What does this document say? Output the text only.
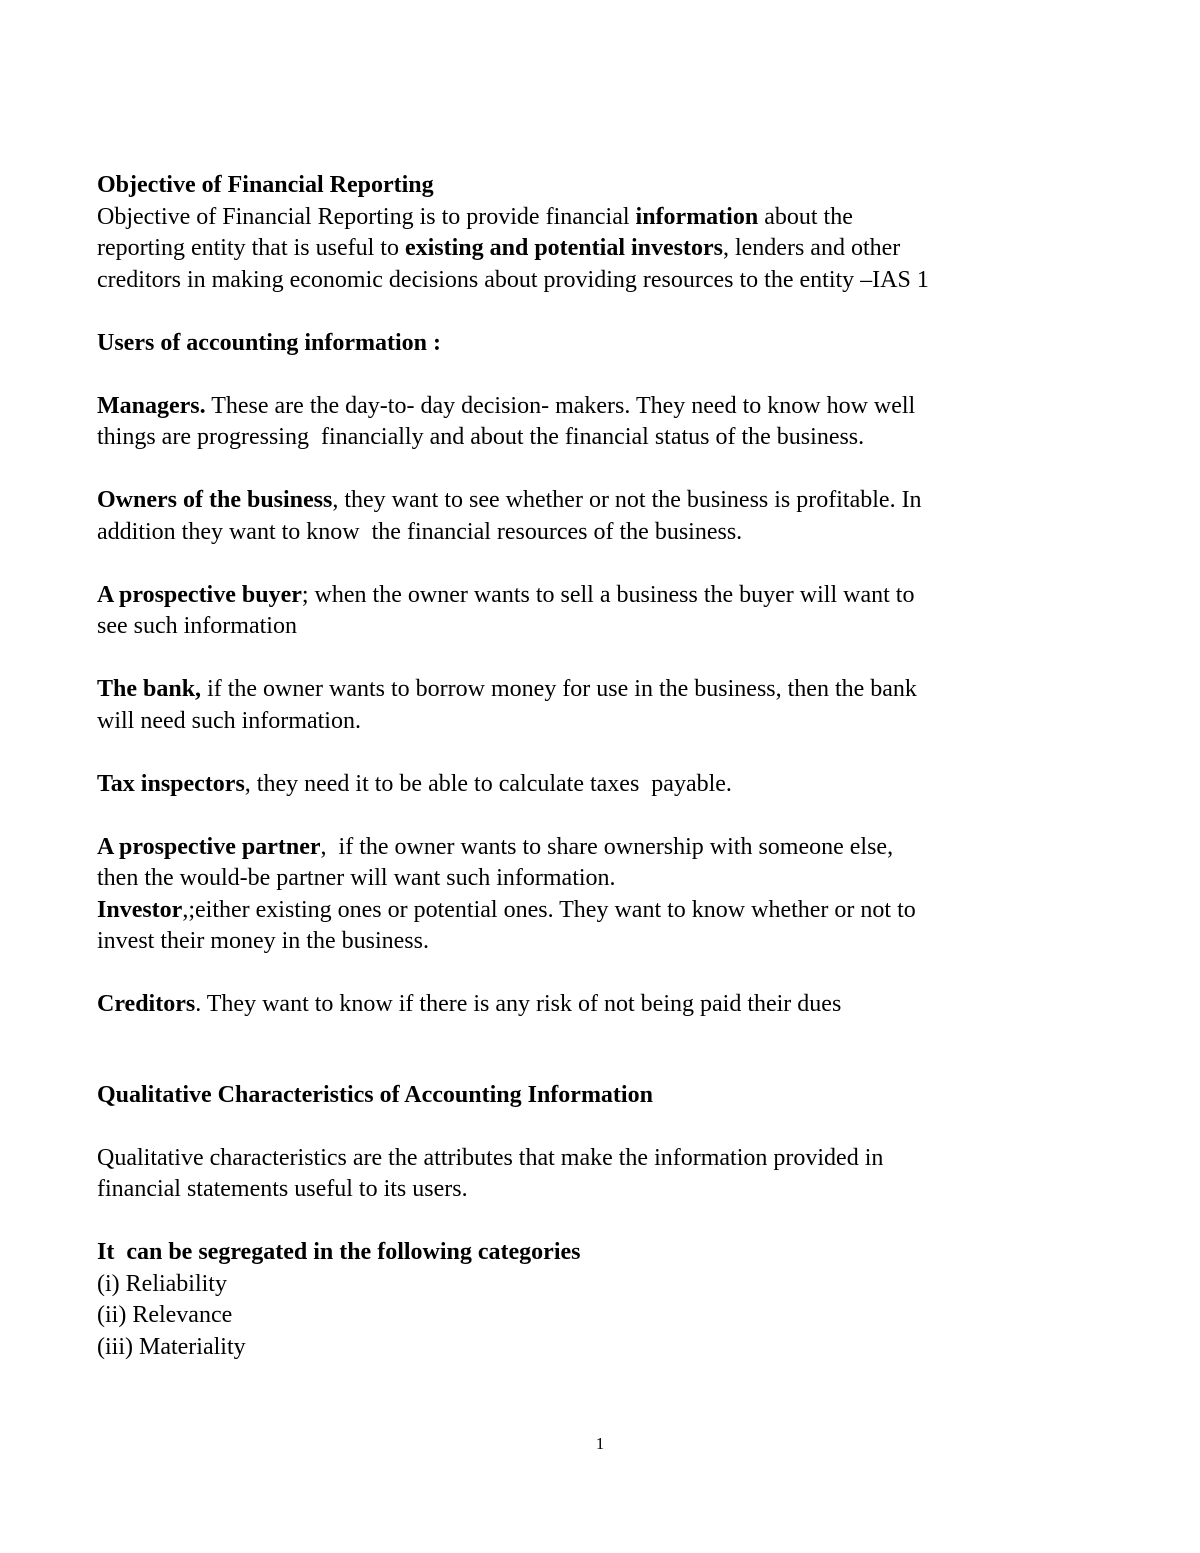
Objective of Financial Reporting
Objective of Financial Reporting is to provide financial information about the
reporting entity that is useful to existing and potential investors, lenders and other
creditors in making economic decisions about providing resources to the entity –IAS 1
Users of accounting information :
Managers. These are the day-to- day decision- makers. They need to know how well
things are progressing  financially and about the financial status of the business.
Owners of the business, they want to see whether or not the business is profitable. In
addition they want to know  the financial resources of the business.
A prospective buyer; when the owner wants to sell a business the buyer will want to
see such information
The bank, if the owner wants to borrow money for use in the business, then the bank
will need such information.
Tax inspectors, they need it to be able to calculate taxes  payable.
A prospective partner,  if the owner wants to share ownership with someone else,
then the would-be partner will want such information.
Investor,;either existing ones or potential ones. They want to know whether or not to
invest their money in the business.
Creditors. They want to know if there is any risk of not being paid their dues
Qualitative Characteristics of Accounting Information
Qualitative characteristics are the attributes that make the information provided in
financial statements useful to its users.
It  can be segregated in the following categories
(i) Reliability
(ii) Relevance
(iii) Materiality
1
